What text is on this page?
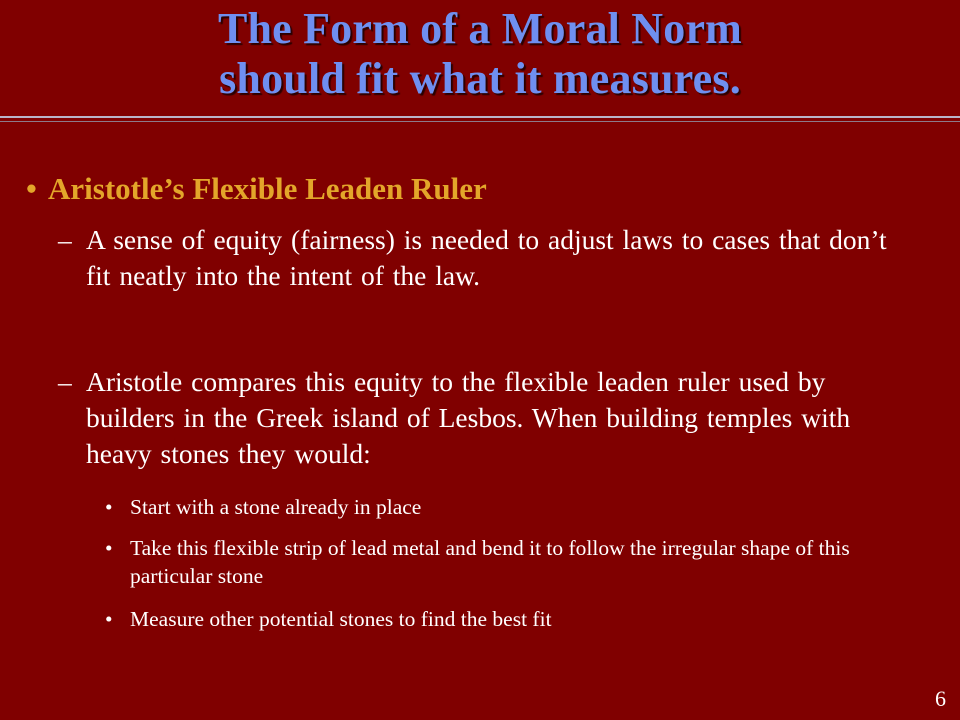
The Form of a Moral Norm
should fit what it measures.
• Aristotle’s Flexible Leaden Ruler
– A sense of equity (fairness) is needed to adjust laws to cases that don’t fit neatly into the intent of the law.
– Aristotle compares this equity to the flexible leaden ruler used by builders in the Greek island of Lesbos. When building temples with heavy stones they would:
• Start with a stone already in place
• Take this flexible strip of lead metal and bend it to follow the irregular shape of this particular stone
• Measure other potential stones to find the best fit
6
